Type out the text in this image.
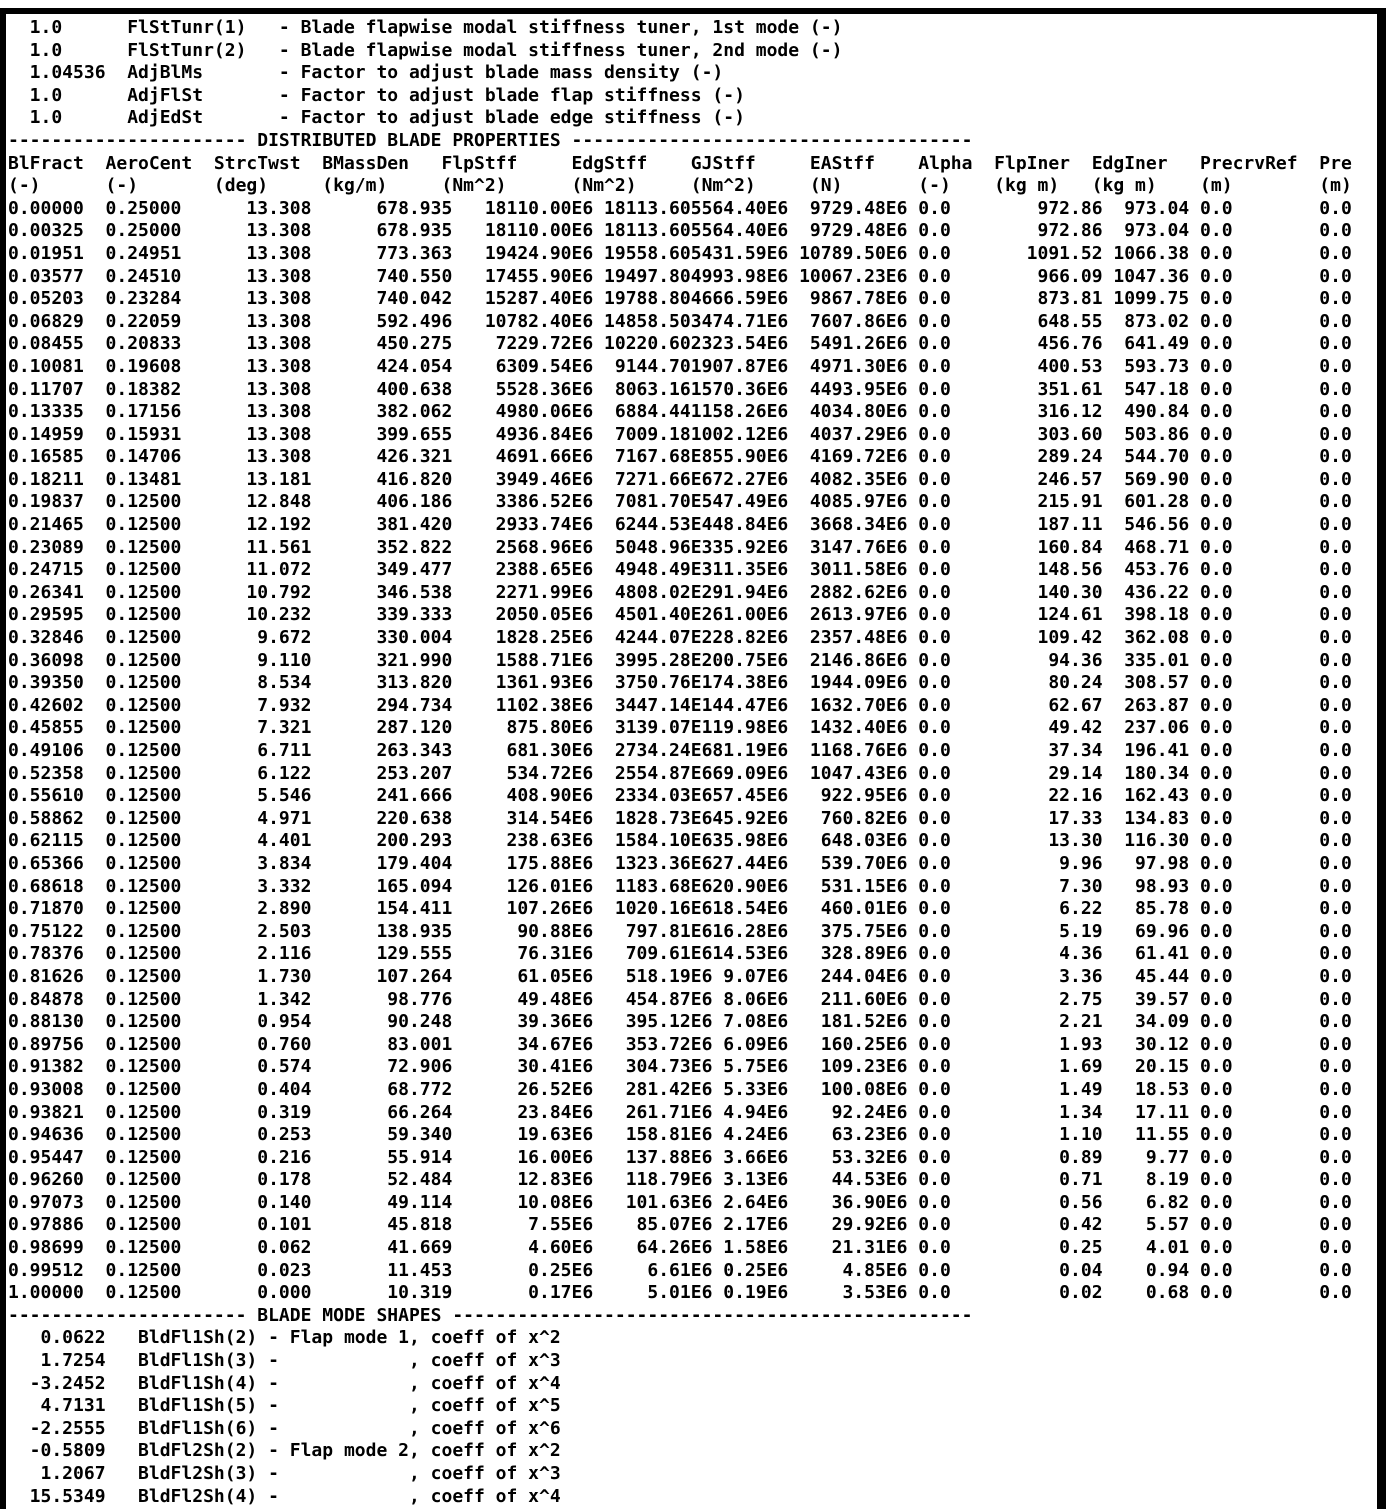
1.0      FlStTunr(1)   - Blade flapwise modal stiffness tuner, 1st mode (-)
1.0      FlStTunr(2)   - Blade flapwise modal stiffness tuner, 2nd mode (-)
1.04536  AdjBlMs       - Factor to adjust blade mass density (-)
1.0      AdjFlSt       - Factor to adjust blade flap stiffness (-)
1.0      AdjEdSt       - Factor to adjust blade edge stiffness (-)
---------------------- DISTRIBUTED BLADE PROPERTIES -------------------------------------
BlFract  AeroCent  StrcTwst  BMassDen   FlpStff     EdgStff    GJStff     EAStff    Alpha  FlpIner  EdgIner   PrecrvRef  Pre
(-)      (-)       (deg)     (kg/m)     (Nm^2)      (Nm^2)     (Nm^2)     (N)       (-)    (kg m)   (kg m)    (m)        (m)
0.00000  0.25000      13.308      678.935   18110.00E6 18113.605564.40E6  9729.48E6 0.0        972.86  973.04 0.0        0.0
0.00325  0.25000      13.308      678.935   18110.00E6 18113.605564.40E6  9729.48E6 0.0        972.86  973.04 0.0        0.0
0.01951  0.24951      13.308      773.363   19424.90E6 19558.605431.59E6 10789.50E6 0.0       1091.52 1066.38 0.0        0.0
0.03577  0.24510      13.308      740.550   17455.90E6 19497.804993.98E6 10067.23E6 0.0        966.09 1047.36 0.0        0.0
0.05203  0.23284      13.308      740.042   15287.40E6 19788.804666.59E6  9867.78E6 0.0        873.81 1099.75 0.0        0.0
0.06829  0.22059      13.308      592.496   10782.40E6 14858.503474.71E6  7607.86E6 0.0        648.55  873.02 0.0        0.0
0.08455  0.20833      13.308      450.275    7229.72E6 10220.602323.54E6  5491.26E6 0.0        456.76  641.49 0.0        0.0
0.10081  0.19608      13.308      424.054    6309.54E6  9144.701907.87E6  4971.30E6 0.0        400.53  593.73 0.0        0.0
0.11707  0.18382      13.308      400.638    5528.36E6  8063.161570.36E6  4493.95E6 0.0        351.61  547.18 0.0        0.0
0.13335  0.17156      13.308      382.062    4980.06E6  6884.441158.26E6  4034.80E6 0.0        316.12  490.84 0.0        0.0
0.14959  0.15931      13.308      399.655    4936.84E6  7009.181002.12E6  4037.29E6 0.0        303.60  503.86 0.0        0.0
0.16585  0.14706      13.308      426.321    4691.66E6  7167.68E855.90E6  4169.72E6 0.0        289.24  544.70 0.0        0.0
0.18211  0.13481      13.181      416.820    3949.46E6  7271.66E672.27E6  4082.35E6 0.0        246.57  569.90 0.0        0.0
0.19837  0.12500      12.848      406.186    3386.52E6  7081.70E547.49E6  4085.97E6 0.0        215.91  601.28 0.0        0.0
0.21465  0.12500      12.192      381.420    2933.74E6  6244.53E448.84E6  3668.34E6 0.0        187.11  546.56 0.0        0.0
0.23089  0.12500      11.561      352.822    2568.96E6  5048.96E335.92E6  3147.76E6 0.0        160.84  468.71 0.0        0.0
0.24715  0.12500      11.072      349.477    2388.65E6  4948.49E311.35E6  3011.58E6 0.0        148.56  453.76 0.0        0.0
0.26341  0.12500      10.792      346.538    2271.99E6  4808.02E291.94E6  2882.62E6 0.0        140.30  436.22 0.0        0.0
0.29595  0.12500      10.232      339.333    2050.05E6  4501.40E261.00E6  2613.97E6 0.0        124.61  398.18 0.0        0.0
0.32846  0.12500       9.672      330.004    1828.25E6  4244.07E228.82E6  2357.48E6 0.0        109.42  362.08 0.0        0.0
0.36098  0.12500       9.110      321.990    1588.71E6  3995.28E200.75E6  2146.86E6 0.0         94.36  335.01 0.0        0.0
0.39350  0.12500       8.534      313.820    1361.93E6  3750.76E174.38E6  1944.09E6 0.0         80.24  308.57 0.0        0.0
0.42602  0.12500       7.932      294.734    1102.38E6  3447.14E144.47E6  1632.70E6 0.0         62.67  263.87 0.0        0.0
0.45855  0.12500       7.321      287.120     875.80E6  3139.07E119.98E6  1432.40E6 0.0         49.42  237.06 0.0        0.0
0.49106  0.12500       6.711      263.343     681.30E6  2734.24E681.19E6  1168.76E6 0.0         37.34  196.41 0.0        0.0
0.52358  0.12500       6.122      253.207     534.72E6  2554.87E669.09E6  1047.43E6 0.0         29.14  180.34 0.0        0.0
0.55610  0.12500       5.546      241.666     408.90E6  2334.03E657.45E6   922.95E6 0.0         22.16  162.43 0.0        0.0
0.58862  0.12500       4.971      220.638     314.54E6  1828.73E645.92E6   760.82E6 0.0         17.33  134.83 0.0        0.0
0.62115  0.12500       4.401      200.293     238.63E6  1584.10E635.98E6   648.03E6 0.0         13.30  116.30 0.0        0.0
0.65366  0.12500       3.834      179.404     175.88E6  1323.36E627.44E6   539.70E6 0.0          9.96   97.98 0.0        0.0
0.68618  0.12500       3.332      165.094     126.01E6  1183.68E620.90E6   531.15E6 0.0          7.30   98.93 0.0        0.0
0.71870  0.12500       2.890      154.411     107.26E6  1020.16E618.54E6   460.01E6 0.0          6.22   85.78 0.0        0.0
0.75122  0.12500       2.503      138.935      90.88E6   797.81E616.28E6   375.75E6 0.0          5.19   69.96 0.0        0.0
0.78376  0.12500       2.116      129.555      76.31E6   709.61E614.53E6   328.89E6 0.0          4.36   61.41 0.0        0.0
0.81626  0.12500       1.730      107.264      61.05E6   518.19E6 9.07E6   244.04E6 0.0          3.36   45.44 0.0        0.0
0.84878  0.12500       1.342       98.776      49.48E6   454.87E6 8.06E6   211.60E6 0.0          2.75   39.57 0.0        0.0
0.88130  0.12500       0.954       90.248      39.36E6   395.12E6 7.08E6   181.52E6 0.0          2.21   34.09 0.0        0.0
0.89756  0.12500       0.760       83.001      34.67E6   353.72E6 6.09E6   160.25E6 0.0          1.93   30.12 0.0        0.0
0.91382  0.12500       0.574       72.906      30.41E6   304.73E6 5.75E6   109.23E6 0.0          1.69   20.15 0.0        0.0
0.93008  0.12500       0.404       68.772      26.52E6   281.42E6 5.33E6   100.08E6 0.0          1.49   18.53 0.0        0.0
0.93821  0.12500       0.319       66.264      23.84E6   261.71E6 4.94E6    92.24E6 0.0          1.34   17.11 0.0        0.0
0.94636  0.12500       0.253       59.340      19.63E6   158.81E6 4.24E6    63.23E6 0.0          1.10   11.55 0.0        0.0
0.95447  0.12500       0.216       55.914      16.00E6   137.88E6 3.66E6    53.32E6 0.0          0.89    9.77 0.0        0.0
0.96260  0.12500       0.178       52.484      12.83E6   118.79E6 3.13E6    44.53E6 0.0          0.71    8.19 0.0        0.0
0.97073  0.12500       0.140       49.114      10.08E6   101.63E6 2.64E6    36.90E6 0.0          0.56    6.82 0.0        0.0
0.97886  0.12500       0.101       45.818       7.55E6    85.07E6 2.17E6    29.92E6 0.0          0.42    5.57 0.0        0.0
0.98699  0.12500       0.062       41.669       4.60E6    64.26E6 1.58E6    21.31E6 0.0          0.25    4.01 0.0        0.0
0.99512  0.12500       0.023       11.453       0.25E6     6.61E6 0.25E6     4.85E6 0.0          0.04    0.94 0.0        0.0
1.00000  0.12500       0.000       10.319       0.17E6     5.01E6 0.19E6     3.53E6 0.0          0.02    0.68 0.0        0.0
---------------------- BLADE MODE SHAPES ------------------------------------------------
0.0622   BldFl1Sh(2) - Flap mode 1, coeff of x^2
1.7254   BldFl1Sh(3) -            , coeff of x^3
-3.2452   BldFl1Sh(4) -            , coeff of x^4
4.7131   BldFl1Sh(5) -            , coeff of x^5
-2.2555   BldFl1Sh(6) -            , coeff of x^6
-0.5809   BldFl2Sh(2) - Flap mode 2, coeff of x^2
1.2067   BldFl2Sh(3) -            , coeff of x^3
15.5349   BldFl2Sh(4) -            , coeff of x^4
